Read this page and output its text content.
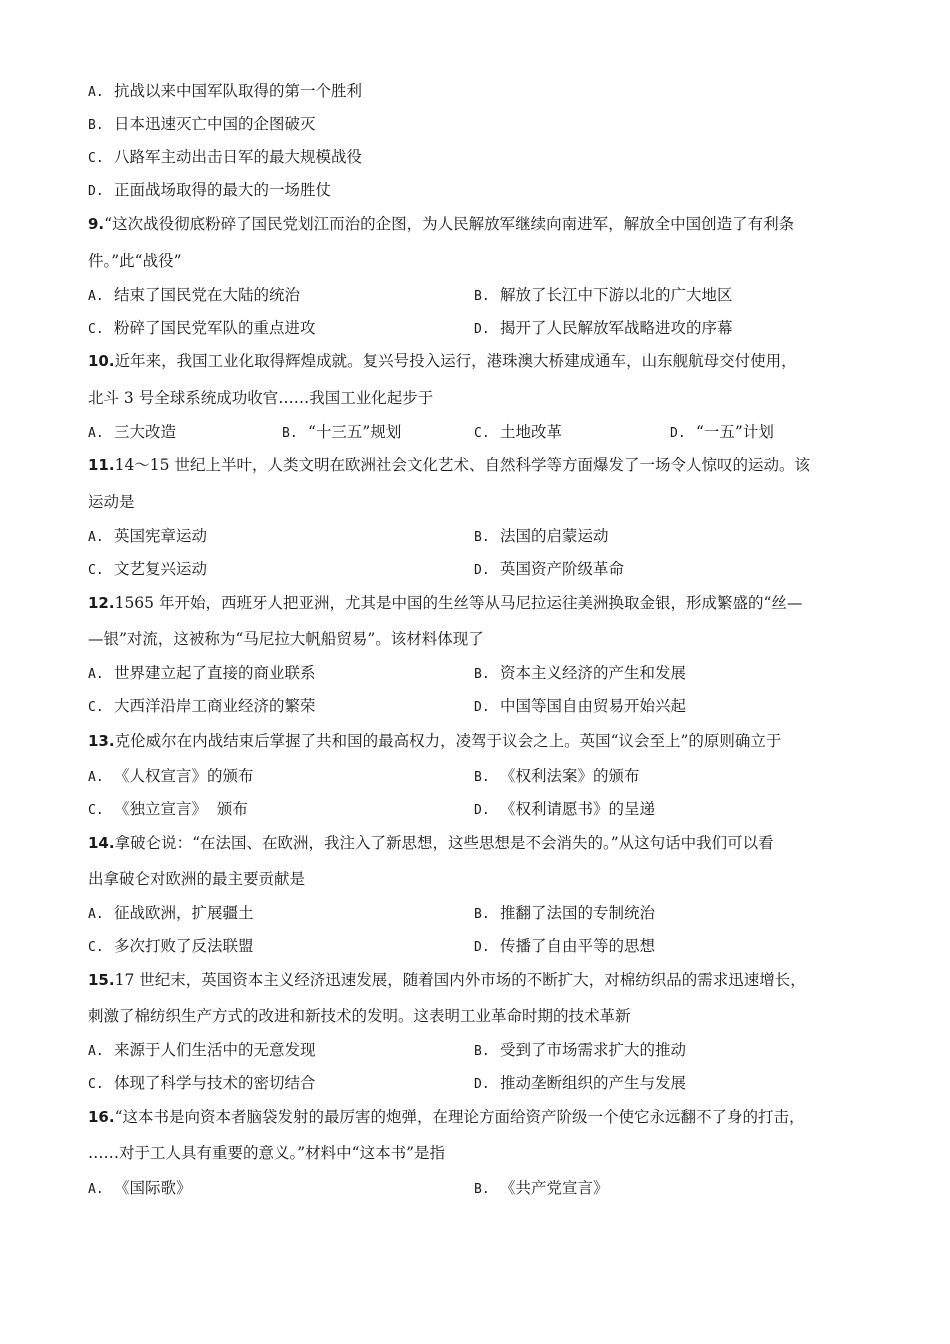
A. 抗战以来中国军队取得的第一个胜利
B. 日本迅速灭亡中国的企图破灭
C. 八路军主动出击日军的最大规模战役
D. 正面战场取得的最大的一场胜仗
9.“这次战役彻底粉碎了国民党划江而治的企图，为人民解放军继续向南进军，解放全中国创造了有利条
件。”此“战役”
A. 结束了国民党在大陆的统治	B. 解放了长江中下游以北的广大地区
C. 粉碎了国民党军队的重点进攻	D. 揭开了人民解放军战略进攻的序幕
10.近年来，我国工业化取得辉煌成就。复兴号投入运行，港珠澳大桥建成通车，山东舰航母交付使用，
北斗 3 号全球系统成功收官……我国工业化起步于
A. 三大改造	B. “十三五”规划	C. 土地改革	D. “一五”计划
11.14～15 世纪上半叶，人类文明在欧洲社会文化艺术、自然科学等方面爆发了一场令人惊叹的运动。该
运动是
A. 英国宪章运动	B. 法国的启蒙运动
C. 文艺复兴运动	D. 英国资产阶级革命
12.1565 年开始，西班牙人把亚洲，尤其是中国的生丝等从马尼拉运往美洲换取金银，形成繁盛的“丝—
—银”对流，这被称为“马尼拉大帆船贸易”。该材料体现了
A. 世界建立起了直接的商业联系	B. 资本主义经济的产生和发展
C. 大西洋沿岸工商业经济的繁荣	D. 中国等国自由贸易开始兴起
13.克伦威尔在内战结束后掌握了共和国的最高权力，凌驾于议会之上。英国“议会至上”的原则确立于
A. 《人权宣言》的颁布	B. 《权利法案》的颁布
C. 《独立宣言》  颁布	D. 《权利请愿书》的呈递
14.拿破仑说：“在法国、在欧洲，我注入了新思想，这些思想是不会消失的。”从这句话中我们可以看
出拿破仑对欧洲的最主要贡献是
A. 征战欧洲，扩展疆土	B. 推翻了法国的专制统治
C. 多次打败了反法联盟	D. 传播了自由平等的思想
15.17 世纪末，英国资本主义经济迅速发展，随着国内外市场的不断扩大，对棉纺织品的需求迅速增长，
刺激了棉纺织生产方式的改进和新技术的发明。这表明工业革命时期的技术革新
A. 来源于人们生活中的无意发现	B. 受到了市场需求扩大的推动
C. 体现了科学与技术的密切结合	D. 推动垄断组织的产生与发展
16.“这本书是向资本者脑袋发射的最厉害的炮弹，在理论方面给资产阶级一个使它永远翻不了身的打击，
……对于工人具有重要的意义。”材料中“这本书”是指
A. 《国际歌》	B. 《共产党宣言》
